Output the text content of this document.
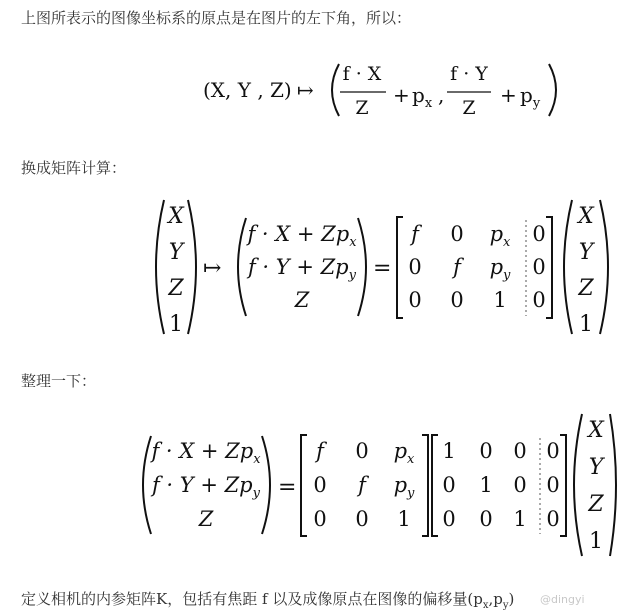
上图所表示的图像坐标系的原点是在图片的左下角，所以：
(X, Y , Z) ↦
f · X
Z
+ $p_x$ ,
f · Y
Z
+ $p_y$
换成矩阵计算：
X
Y
Z
1
↦
$f \cdot X + Zp_x$
$f \cdot Y + Zp_y$
Z
=
f 0 $p_x$ 0
0 f $p_y$ 0
0 0 1 0
X
Y
Z
1
整理一下：
$f \cdot X + Zp_x$
$f \cdot Y + Zp_y$
Z
=
f 0 $p_x$
0 f $p_y$
0 0 1
1 0 0 0
0 1 0 0
0 0 1 0
X
Y
Z
1
定义相机的内参矩阵K，包括有焦距 f 以及成像原点在图像的偏移量$(p_x,p_y)$ @dingyi
